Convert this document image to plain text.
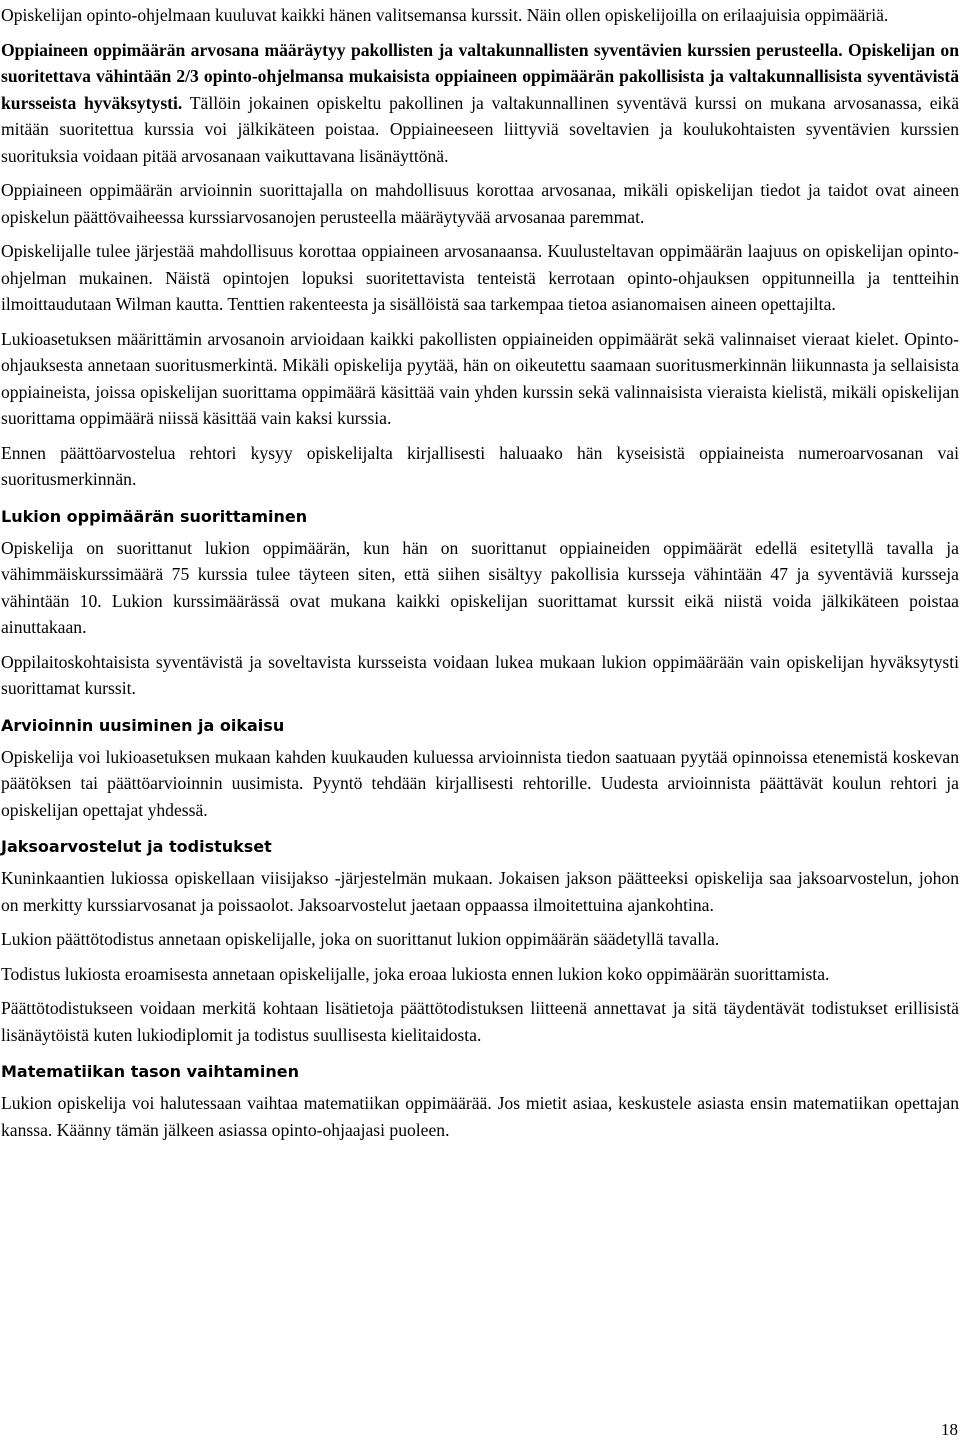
Opiskelijan opinto-ohjelmaan kuuluvat kaikki hänen valitsemansa kurssit. Näin ollen opiskelijoilla on erilaajuisia oppimääriä.

Oppiaineen oppimäärän arvosana määräytyy pakollisten ja valtakunnallisten syventävien kurssien perusteella. Opiskelijan on suoritettava vähintään 2/3 opinto-ohjelmansa mukaisista oppiaineen oppimäärän pakollisista ja valtakunnallisista syventävistä kursseista hyväksytysti. Tällöin jokainen opiskeltu pakollinen ja valtakunnallinen syventävä kurssi on mukana arvosanassa, eikä mitään suoritettua kurssia voi jälkikäteen poistaa. Oppiaineeseen liittyviä soveltavien ja koulukohtaisten syventävien kurssien suorituksia voidaan pitää arvosanaan vaikuttavana lisänäyttönä.

Oppiaineen oppimäärän arvioinnin suorittajalla on mahdollisuus korottaa arvosanaa, mikäli opiskelijan tiedot ja taidot ovat aineen opiskelun päättövaiheessa kurssiarvosanojen perusteella määräytyvää arvosanaa paremmat.

Opiskelijalle tulee järjestää mahdollisuus korottaa oppiaineen arvosanaansa. Kuulusteltavan oppimäärän laajuus on opiskelijan opinto-ohjelman mukainen. Näistä opintojen lopuksi suoritettavista tenteistä kerrotaan opinto-ohjauksen oppitunneilla ja tentteihin ilmoittaudutaan Wilman kautta. Tenttien rakenteesta ja sisällöistä saa tarkempaa tietoa asianomaisen aineen opettajilta.

Lukioasetuksen määrittämin arvosanoin arvioidaan kaikki pakollisten oppiaineiden oppimäärät sekä valinnaiset vieraat kielet. Opinto-ohjauksesta annetaan suoritusmerkintä. Mikäli opiskelija pyytää, hän on oikeutettu saamaan suoritusmerkinnän liikunnasta ja sellaisista oppiaineista, joissa opiskelijan suorittama oppimäärä käsittää vain yhden kurssin sekä valinnaisista vieraista kielistä, mikäli opiskelijan suorittama oppimäärä niissä käsittää vain kaksi kurssia.

Ennen päättöarvostelua rehtori kysyy opiskelijalta kirjallisesti haluaako hän kyseisistä oppiaineista numeroarvosanan vai suoritusmerkinnän.

Lukion oppimäärän suorittaminen

Opiskelija on suorittanut lukion oppimäärän, kun hän on suorittanut oppiaineiden oppimäärät edellä esitetyllä tavalla ja vähimmäiskurssimäärä 75 kurssia tulee täyteen siten, että siihen sisältyy pakollisia kursseja vähintään 47 ja syventäviä kursseja vähintään 10. Lukion kurssimäärässä ovat mukana kaikki opiskelijan suorittamat kurssit eikä niistä voida jälkikäteen poistaa ainuttakaan.

Oppilaitoskohtaisista syventävistä ja soveltavista kursseista voidaan lukea mukaan lukion oppimäärään vain opiskelijan hyväksytysti suorittamat kurssit.

Arvioinnin uusiminen ja oikaisu

Opiskelija voi lukioasetuksen mukaan kahden kuukauden kuluessa arvioinnista tiedon saatuaan pyytää opinnoissa etenemistä koskevan päätöksen tai päättöarvioinnin uusimista. Pyyntö tehdään kirjallisesti rehtorille. Uudesta arvioinnista päättävät koulun rehtori ja opiskelijan opettajat yhdessä.

Jaksoarvostelut ja todistukset

Kuninkaantien lukiossa opiskellaan viisijakso -järjestelmän mukaan. Jokaisen jakson päätteeksi opiskelija saa jaksoarvostelun, johon on merkitty kurssiarvosanat ja poissaolot. Jaksoarvostelut jaetaan oppaassa ilmoitettuina ajankohtina.

Lukion päättötodistus annetaan opiskelijalle, joka on suorittanut lukion oppimäärän säädetyllä tavalla.

Todistus lukiosta eroamisesta annetaan opiskelijalle, joka eroaa lukiosta ennen lukion koko oppimäärän suorittamista.

Päättötodistukseen voidaan merkitä kohtaan lisätietoja päättötodistuksen liitteenä annettavat ja sitä täydentävät todistukset erillisistä lisänäytöistä kuten lukiodiplomit ja todistus suullisesta kielitaidosta.

Matematiikan tason vaihtaminen

Lukion opiskelija voi halutessaan vaihtaa matematiikan oppimäärää. Jos mietit asiaa, keskustele asiasta ensin matematiikan opettajan kanssa. Käänny tämän jälkeen asiassa opinto-ohjaajasi puoleen.

18
